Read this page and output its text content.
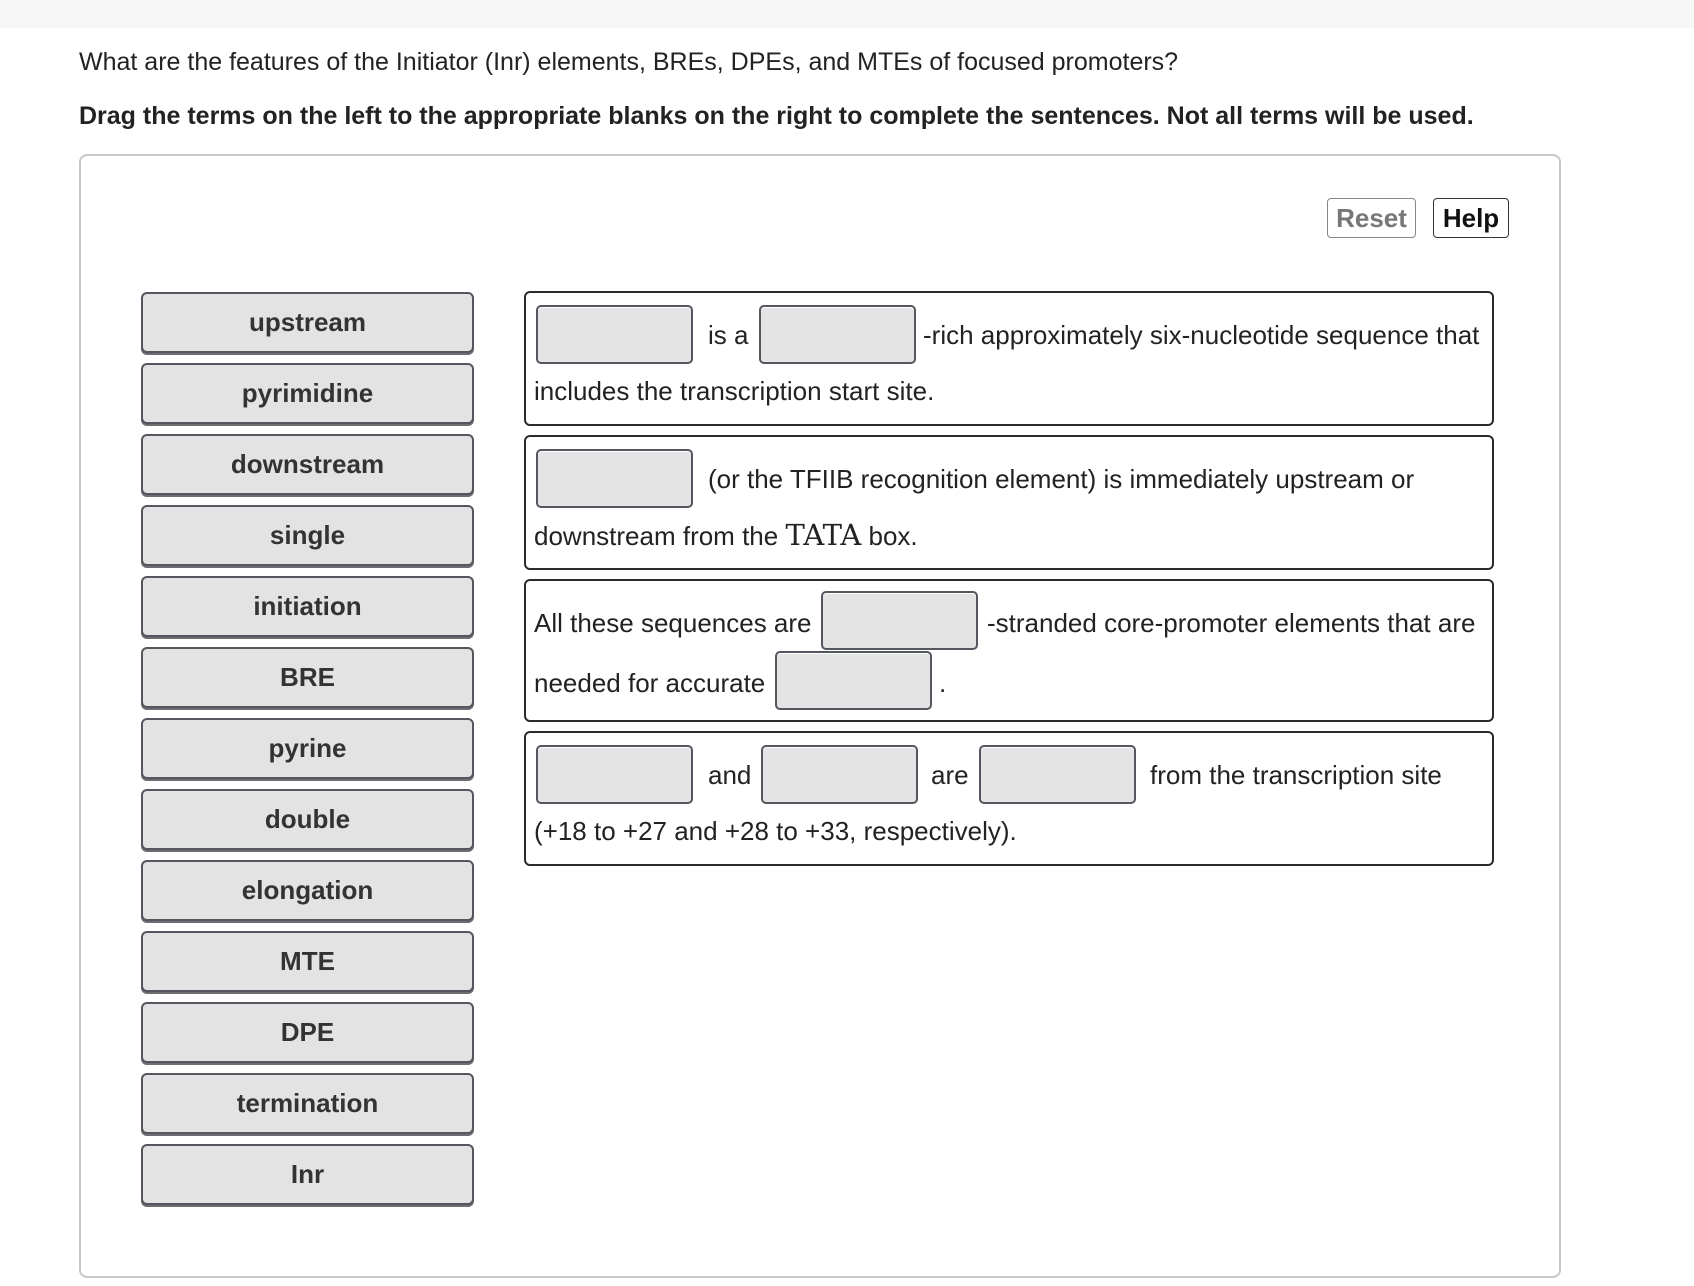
What are the features of the Initiator (Inr) elements, BREs, DPEs, and MTEs of focused promoters?
Drag the terms on the left to the appropriate blanks on the right to complete the sentences. Not all terms will be used.
Reset	Help
upstream
pyrimidine
downstream
single
initiation
BRE
pyrine
double
elongation
MTE
DPE
termination
Inr
is a	-rich approximately six-nucleotide sequence that
includes the transcription start site.
(or the TFIIB recognition element) is immediately upstream or
downstream from the TATA box.
All these sequences are	-stranded core-promoter elements that are
needed for accurate	.
and	are	from the transcription site
(+18 to +27 and +28 to +33, respectively).
